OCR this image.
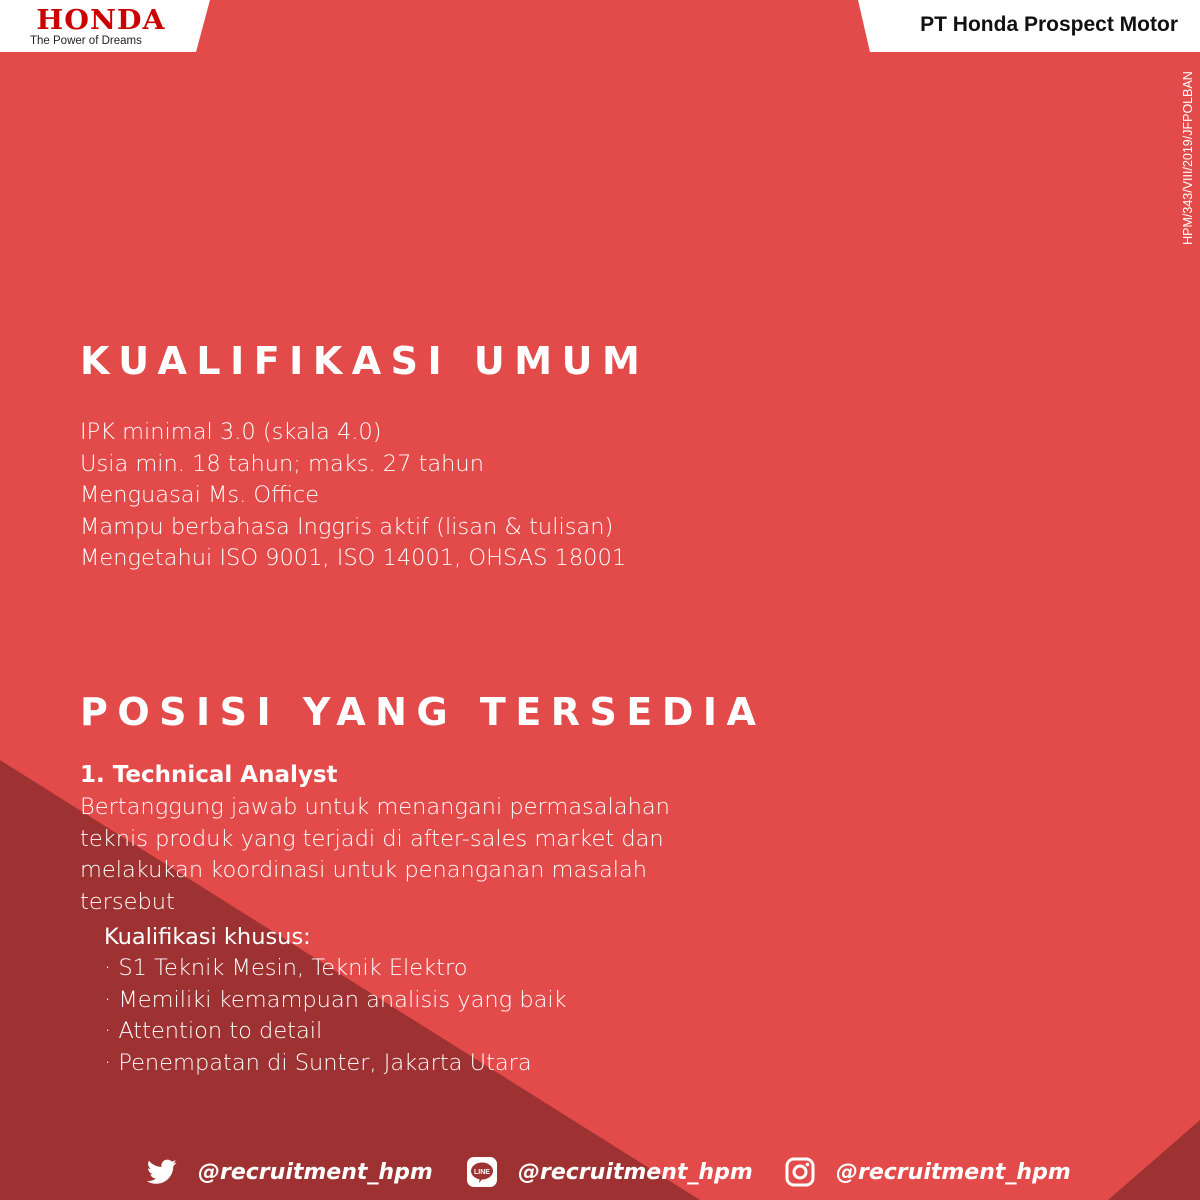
HONDA
The Power of Dreams
PT Honda Prospect Motor
HPM/343/VIII/2019/JFPOLBAN
KUALIFIKASI UMUM
IPK minimal 3.0 (skala 4.0)
Usia min. 18 tahun; maks. 27 tahun
Menguasai Ms. Office
Mampu berbahasa Inggris aktif (lisan & tulisan)
Mengetahui ISO 9001, ISO 14001, OHSAS 18001
POSISI YANG TERSEDIA
1. Technical Analyst
Bertanggung jawab untuk menangani permasalahan
teknis produk yang terjadi di after-sales market dan
melakukan koordinasi untuk penanganan masalah
tersebut
Kualifikasi khusus:
· S1 Teknik Mesin, Teknik Elektro
· Memiliki kemampuan analisis yang baik
· Attention to detail
· Penempatan di Sunter, Jakarta Utara
@recruitment_hpm	LINE @recruitment_hpm	@recruitment_hpm
